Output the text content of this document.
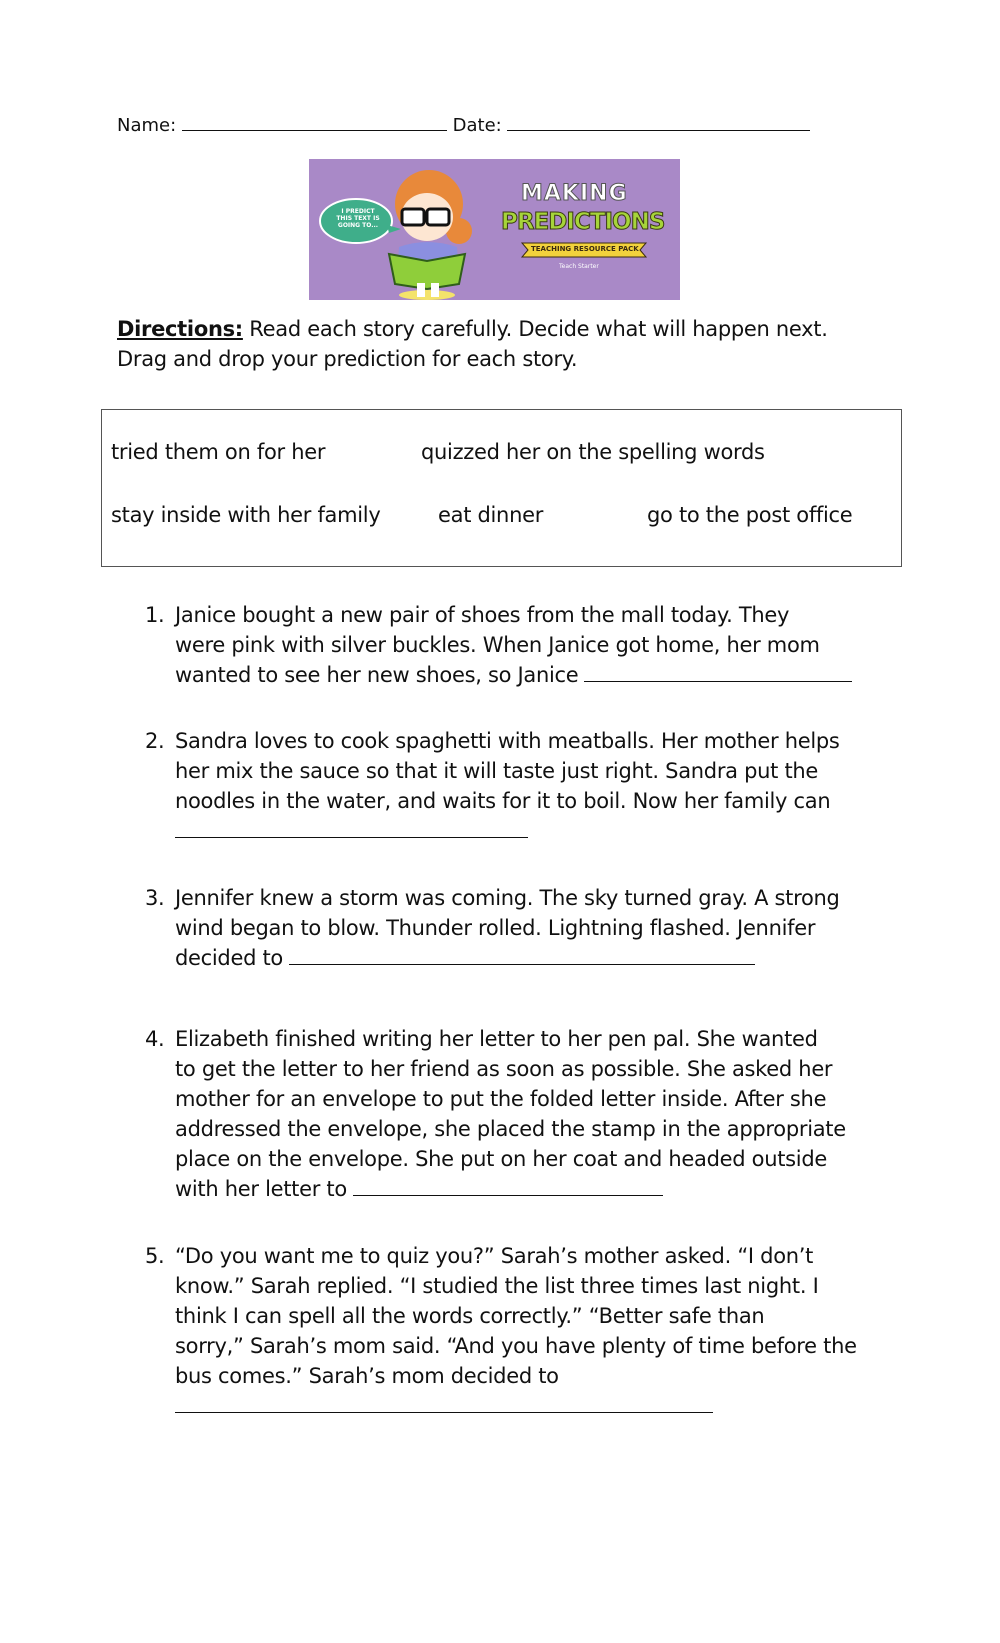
Name:	Date:
I PREDICT THIS TEXT IS GOING TO...
MAKING
PREDICTIONS
TEACHING RESOURCE PACK
Teach Starter
Directions: Read each story carefully. Decide what will happen next.
Drag and drop your prediction for each story.
tried them on for her	quizzed her on the spelling words
stay inside with her family	eat dinner	go to the post office
1. Janice bought a new pair of shoes from the mall today. They
were pink with silver buckles. When Janice got home, her mom
wanted to see her new shoes, so Janice
2. Sandra loves to cook spaghetti with meatballs. Her mother helps
her mix the sauce so that it will taste just right. Sandra put the
noodles in the water, and waits for it to boil. Now her family can
3. Jennifer knew a storm was coming. The sky turned gray. A strong
wind began to blow. Thunder rolled. Lightning flashed. Jennifer
decided to
4. Elizabeth finished writing her letter to her pen pal. She wanted
to get the letter to her friend as soon as possible. She asked her
mother for an envelope to put the folded letter inside. After she
addressed the envelope, she placed the stamp in the appropriate
place on the envelope. She put on her coat and headed outside
with her letter to
5. “Do you want me to quiz you?” Sarah’s mother asked. “I don’t
know.” Sarah replied. “I studied the list three times last night. I
think I can spell all the words correctly.” “Better safe than
sorry,” Sarah’s mom said. “And you have plenty of time before the
bus comes.” Sarah’s mom decided to
